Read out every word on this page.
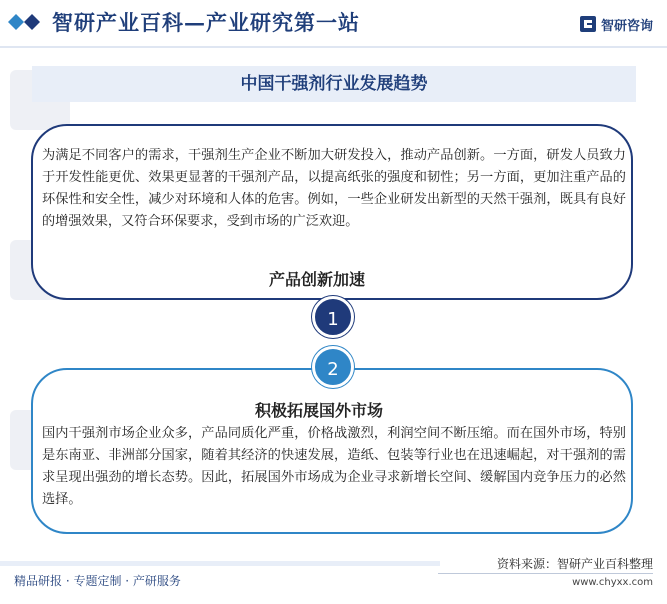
智研产业百科—产业研究第一站	智研咨询
中国干强剂行业发展趋势
为满足不同客户的需求，干强剂生产企业不断加大研发投入，推动产品创新。一方面，研发人员致力于开发性能更优、效果更显著的干强剂产品，以提高纸张的强度和韧性；另一方面，更加注重产品的环保性和安全性，减少对环境和人体的危害。例如，一些企业研发出新型的天然干强剂，既具有良好的增强效果，又符合环保要求，受到市场的广泛欢迎。
产品创新加速
1
2
积极拓展国外市场
国内干强剂市场企业众多，产品同质化严重，价格战激烈，利润空间不断压缩。而在国外市场，特别是东南亚、非洲部分国家，随着其经济的快速发展，造纸、包装等行业也在迅速崛起，对干强剂的需求呈现出强劲的增长态势。因此，拓展国外市场成为企业寻求新增长空间、缓解国内竞争压力的必然选择。
精品研报 · 专题定制 · 产研服务
资料来源：智研产业百科整理
www.chyxx.com
